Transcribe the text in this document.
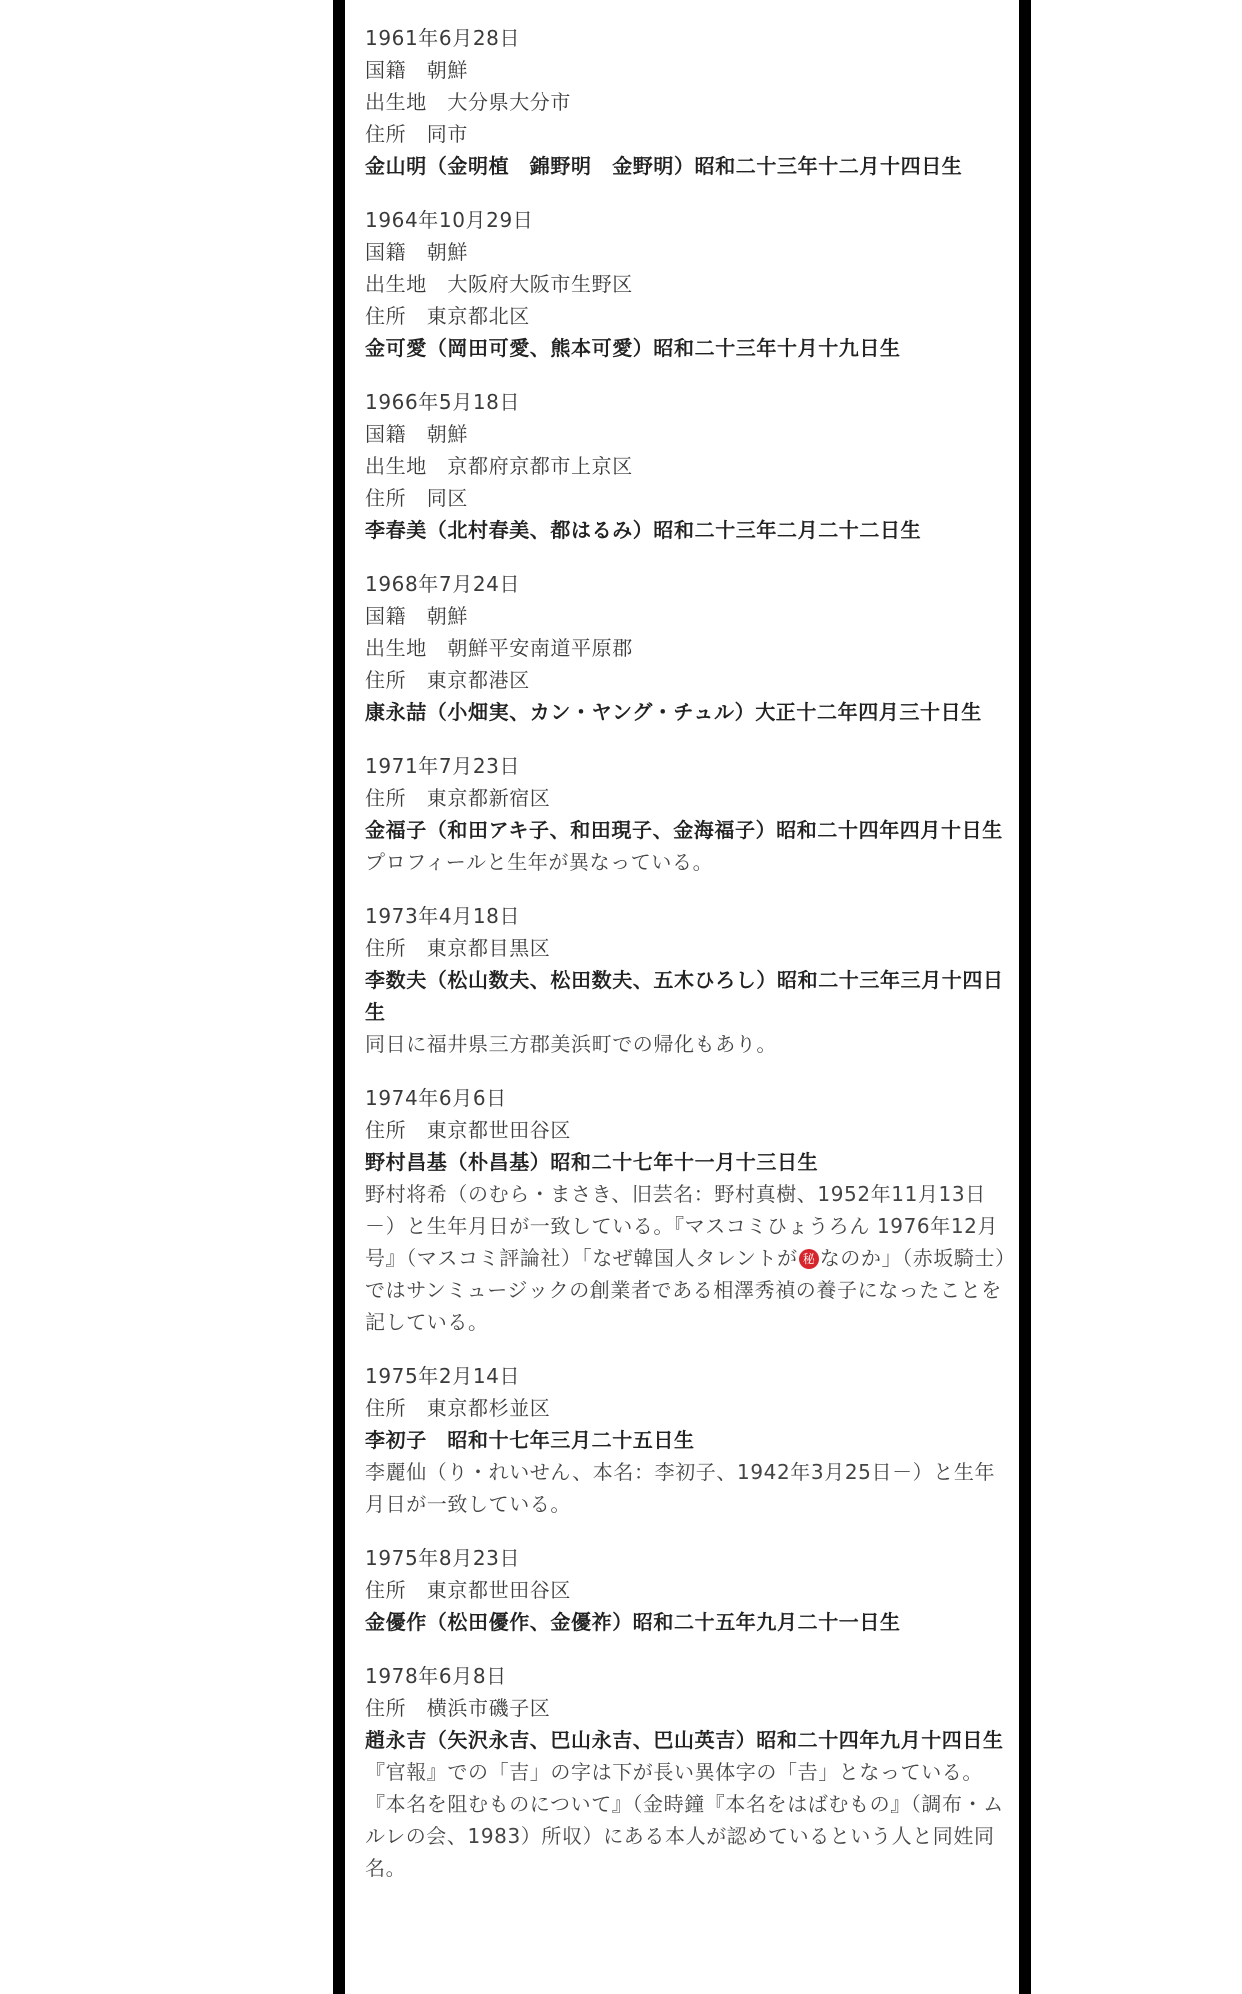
1961年6月28日
国籍　朝鮮
出生地　大分県大分市
住所　同市
金山明（金明植　錦野明　金野明）昭和二十三年十二月十四日生
1964年10月29日
国籍　朝鮮
出生地　大阪府大阪市生野区
住所　東京都北区
金可愛（岡田可愛、熊本可愛）昭和二十三年十月十九日生
1966年5月18日
国籍　朝鮮
出生地　京都府京都市上京区
住所　同区
李春美（北村春美、都はるみ）昭和二十三年二月二十二日生
1968年7月24日
国籍　朝鮮
出生地　朝鮮平安南道平原郡
住所　東京都港区
康永喆（小畑実、カン・ヤング・チュル）大正十二年四月三十日生
1971年7月23日
住所　東京都新宿区
金福子（和田アキ子、和田現子、金海福子）昭和二十四年四月十日生
プロフィールと生年が異なっている。
1973年4月18日
住所　東京都目黒区
李数夫（松山数夫、松田数夫、五木ひろし）昭和二十三年三月十四日生
同日に福井県三方郡美浜町での帰化もあり。
1974年6月6日
住所　東京都世田谷区
野村昌基（朴昌基）昭和二十七年十一月十三日生
野村将希（のむら・まさき、旧芸名：野村真樹、1952年11月13日－）と生年月日が一致している。『マスコミひょうろん 1976年12月号』（マスコミ評論社）「なぜ韓国人タレントが 秘 なのか」（赤坂騎士）ではサンミュージックの創業者である相澤秀禎の養子になったことを記している。
1975年2月14日
住所　東京都杉並区
李初子　昭和十七年三月二十五日生
李麗仙（り・れいせん、本名：李初子、1942年3月25日－）と生年月日が一致している。
1975年8月23日
住所　東京都世田谷区
金優作（松田優作、金優祚）昭和二十五年九月二十一日生
1978年6月8日
住所　横浜市磯子区
趙永吉（矢沢永吉、巴山永吉、巴山英吉）昭和二十四年九月十四日生
『官報』での「吉」の字は下が長い異体字の「𠮷」となっている。『本名を阻むものについて』（金時鐘『本名をはばむもの』（調布・ムルレの会、1983）所収）にある本人が認めているという人と同姓同名。
